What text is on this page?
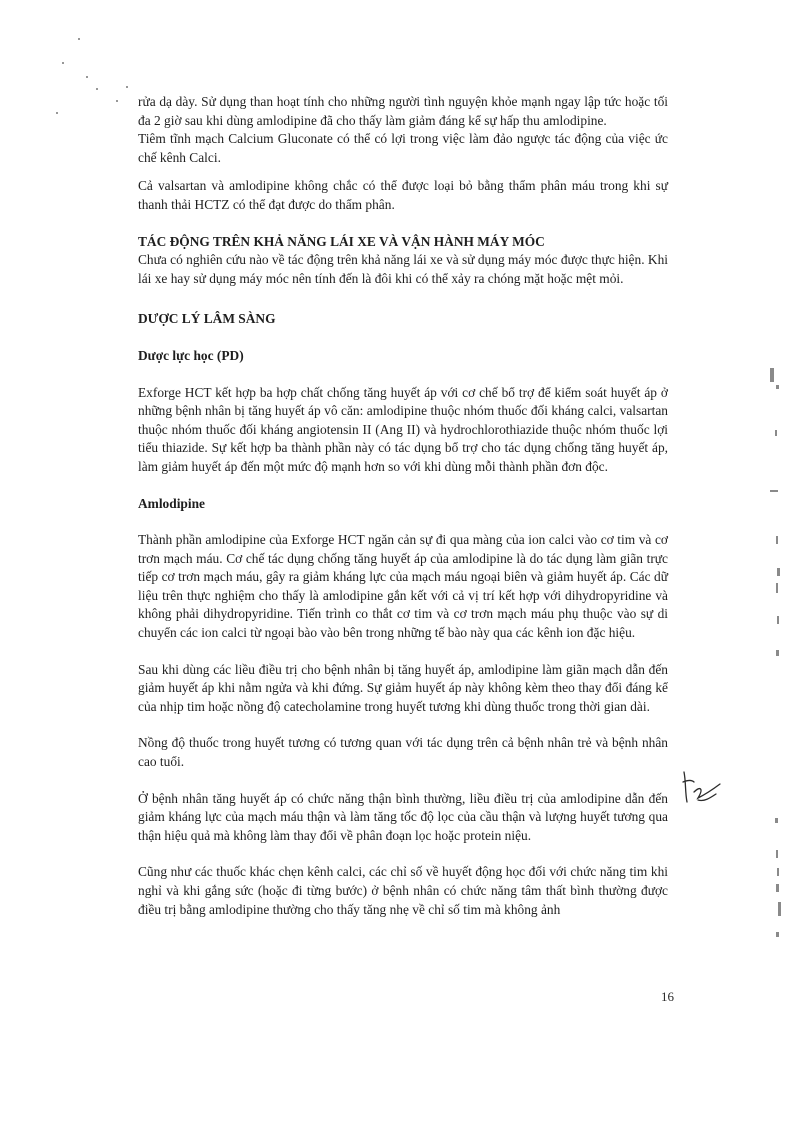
rửa dạ dày. Sử dụng than hoạt tính cho những người tình nguyện khỏe mạnh ngay lập tức hoặc tối đa 2 giờ sau khi dùng amlodipine đã cho thấy làm giảm đáng kể sự hấp thu amlodipine.

Tiêm tĩnh mạch Calcium Gluconate có thể có lợi trong việc làm đảo ngược tác động của việc ức chế kênh Calci.

Cả valsartan và amlodipine không chắc có thể được loại bỏ bằng thẩm phân máu trong khi sự thanh thải HCTZ có thể đạt được do thẩm phân.

TÁC ĐỘNG TRÊN KHẢ NĂNG LÁI XE VÀ VẬN HÀNH MÁY MÓC

Chưa có nghiên cứu nào về tác động trên khả năng lái xe và sử dụng máy móc được thực hiện. Khi lái xe hay sử dụng máy móc nên tính đến là đôi khi có thể xảy ra chóng mặt hoặc mệt mỏi.

DƯỢC LÝ LÂM SÀNG

Dược lực học (PD)

Exforge HCT kết hợp ba hợp chất chống tăng huyết áp với cơ chế bổ trợ để kiểm soát huyết áp ở những bệnh nhân bị tăng huyết áp vô căn: amlodipine thuộc nhóm thuốc đối kháng calci, valsartan thuộc nhóm thuốc đối kháng angiotensin II (Ang II) và hydrochlorothiazide thuộc nhóm thuốc lợi tiểu thiazide. Sự kết hợp ba thành phần này có tác dụng bổ trợ cho tác dụng chống tăng huyết áp, làm giảm huyết áp đến một mức độ mạnh hơn so với khi dùng mỗi thành phần đơn độc.

Amlodipine

Thành phần amlodipine của Exforge HCT ngăn cản sự đi qua màng của ion calci vào cơ tim và cơ trơn mạch máu. Cơ chế tác dụng chống tăng huyết áp của amlodipine là do tác dụng làm giãn trực tiếp cơ trơn mạch máu, gây ra giảm kháng lực của mạch máu ngoại biên và giảm huyết áp. Các dữ liệu trên thực nghiệm cho thấy là amlodipine gắn kết với cả vị trí kết hợp với dihydropyridine và không phải dihydropyridine. Tiến trình co thắt cơ tim và cơ trơn mạch máu phụ thuộc vào sự di chuyển các ion calci từ ngoại bào vào bên trong những tế bào này qua các kênh ion đặc hiệu.

Sau khi dùng các liều điều trị cho bệnh nhân bị tăng huyết áp, amlodipine làm giãn mạch dẫn đến giảm huyết áp khi nằm ngửa và khi đứng. Sự giảm huyết áp này không kèm theo thay đổi đáng kể của nhịp tim hoặc nồng độ catecholamine trong huyết tương khi dùng thuốc trong thời gian dài.

Nồng độ thuốc trong huyết tương có tương quan với tác dụng trên cả bệnh nhân trẻ và bệnh nhân cao tuổi.

Ở bệnh nhân tăng huyết áp có chức năng thận bình thường, liều điều trị của amlodipine dẫn đến giảm kháng lực của mạch máu thận và làm tăng tốc độ lọc của cầu thận và lượng huyết tương qua thận hiệu quả mà không làm thay đổi về phân đoạn lọc hoặc protein niệu.

Cũng như các thuốc khác chẹn kênh calci, các chỉ số về huyết động học đối với chức năng tim khi nghỉ và khi gắng sức (hoặc đi từng bước) ở bệnh nhân có chức năng tâm thất bình thường được điều trị bằng amlodipine thường cho thấy tăng nhẹ về chỉ số tim mà không ảnh

16
